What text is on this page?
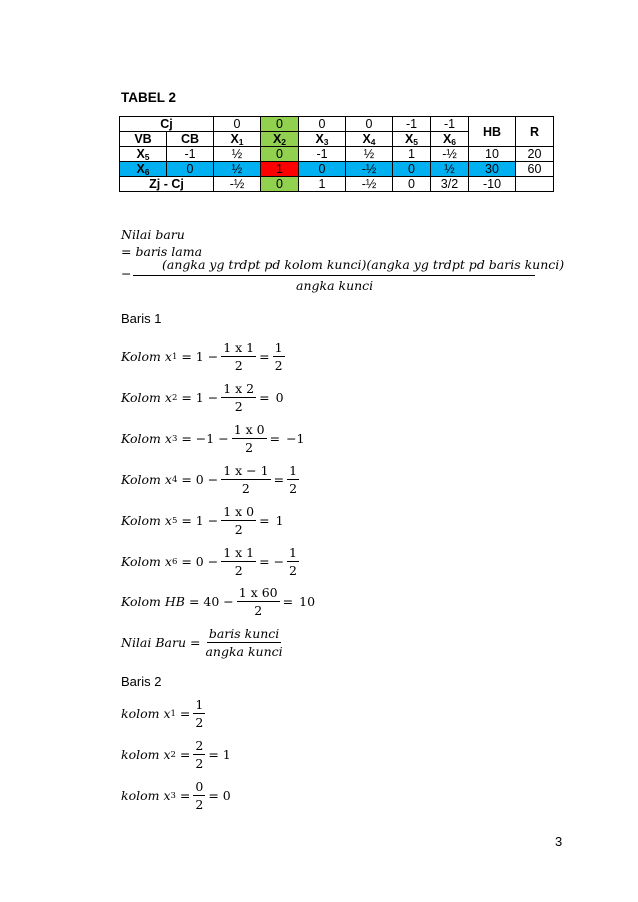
TABEL 2
Cj		0	0	0	0	-1	-1	HB	R
VB	CB	$X_1$	$X_2$	$X_3$	$X_4$	$X_5$	$X_6$
$X_5$	-1	½	0	-1	½	1	-½	10	20
$X_6$	0	½	1	0	-½	0	½	30	60
Zj - Cj		-½	0	1	-½	0	3/2	-10	
Nilai baru
= baris lama
−
(angka yg trdpt pd kolom kunci)(angka yg trdpt pd baris kunci)
angka kunci
Baris 1
Kolom x $1 = 1 - \frac{1 x 1}{2} = \frac{1}{2}$
Kolom x $2 = 1 - \frac{1 x 2}{2} = 0$
Kolom x $3 = -1 - \frac{1 x 0}{2} = -1$
Kolom x $4 = 0 - \frac{1 x - 1}{2} = \frac{1}{2}$
Kolom x $5 = 1 - \frac{1 x 0}{2} = 1$
Kolom x $6 = 0 - \frac{1 x 1}{2}$ = − $\frac{1}{2}$
Kolom HB = $40 - \frac{1 x 60}{2} = 10$
Nilai Baru = $\frac{\text{baris kunci}}{\text{angka kunci}}$
Baris 2
kolom x $1 = \frac{1}{2}$
kolom x $2 = \frac{2}{2} = 1$
kolom x $3 = \frac{0}{2} = 0$
3
